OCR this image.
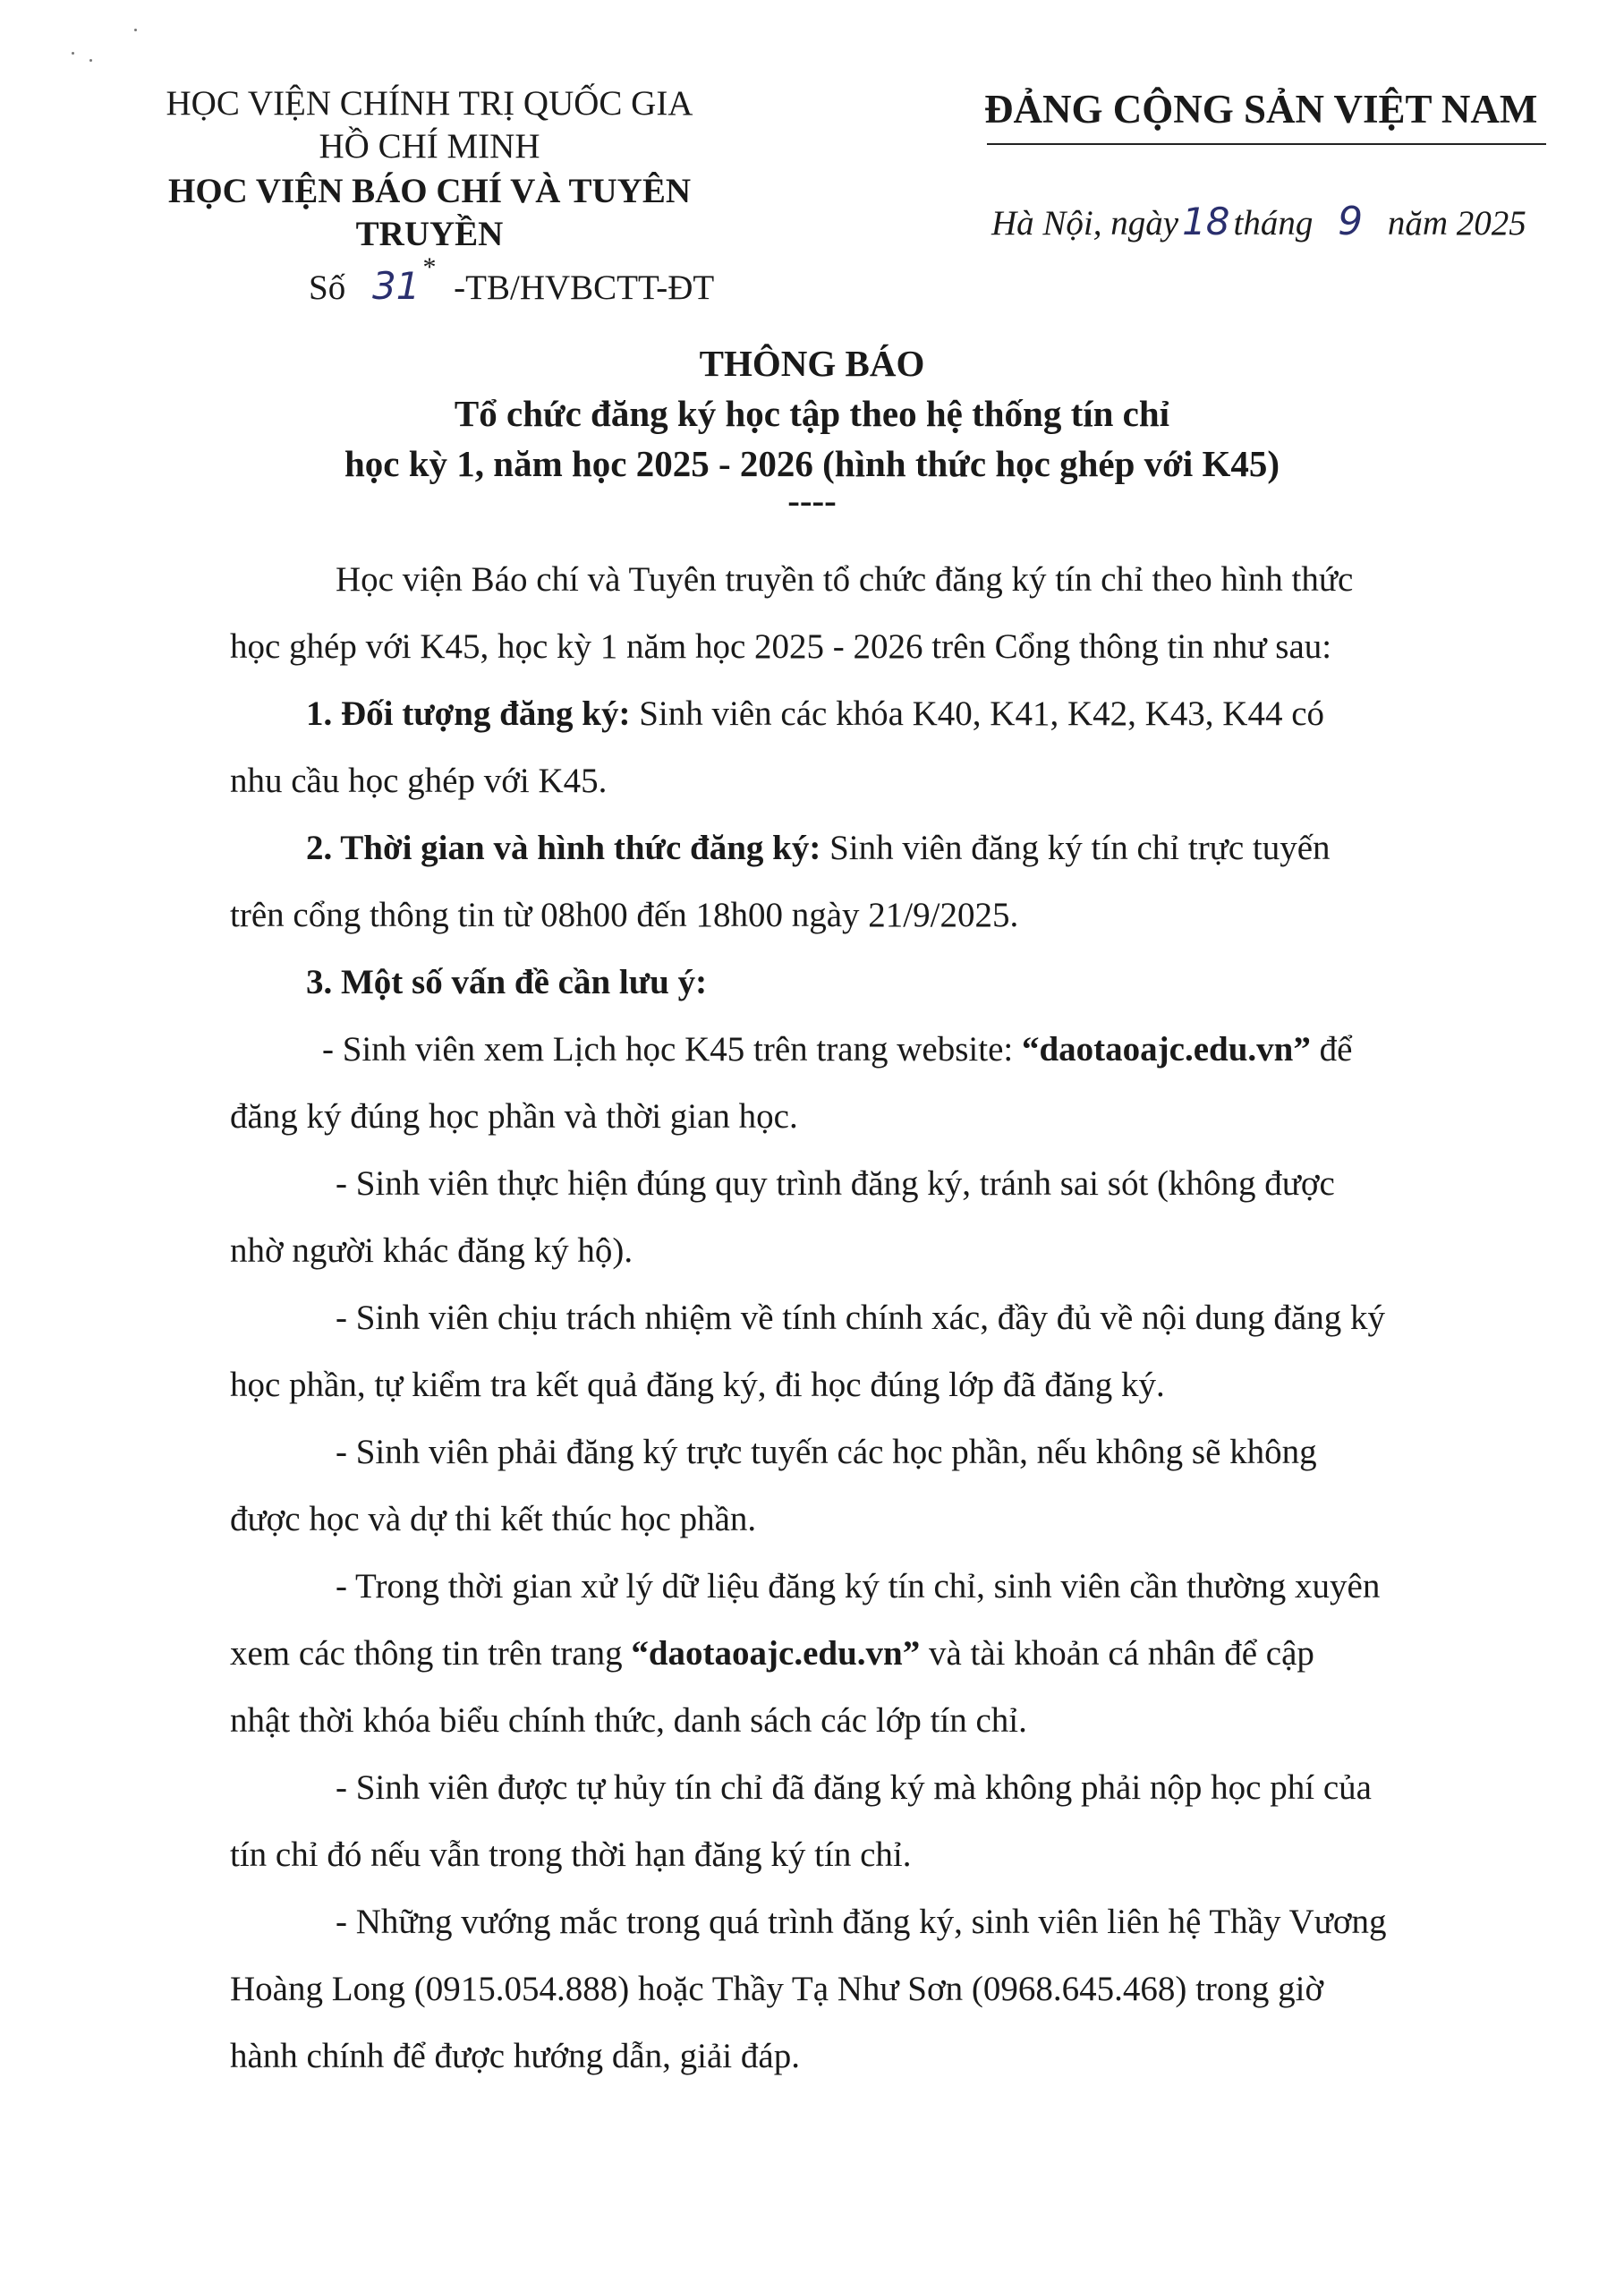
HỌC VIỆN CHÍNH TRỊ QUỐC GIA
HỒ CHÍ MINH
HỌC VIỆN BÁO CHÍ VÀ TUYÊN TRUYỀN
*
Số 31 -TB/HVBCTT-ĐT
ĐẢNG CỘNG SẢN VIỆT NAM
Hà Nội, ngày18 tháng 9 năm 2025
THÔNG BÁO
Tổ chức đăng ký học tập theo hệ thống tín chỉ
học kỳ 1, năm học 2025 - 2026 (hình thức học ghép với K45)
----
Học viện Báo chí và Tuyên truyền tổ chức đăng ký tín chỉ theo hình thức
học ghép với K45, học kỳ 1 năm học 2025 - 2026 trên Cổng thông tin như sau:
1. Đối tượng đăng ký: Sinh viên các khóa K40, K41, K42, K43, K44 có
nhu cầu học ghép với K45.
2. Thời gian và hình thức đăng ký: Sinh viên đăng ký tín chỉ trực tuyến
trên cổng thông tin từ 08h00 đến 18h00 ngày 21/9/2025.
3. Một số vấn đề cần lưu ý:
- Sinh viên xem Lịch học K45 trên trang website: “daotaoajc.edu.vn” để
đăng ký đúng học phần và thời gian học.
- Sinh viên thực hiện đúng quy trình đăng ký, tránh sai sót (không được
nhờ người khác đăng ký hộ).
- Sinh viên chịu trách nhiệm về tính chính xác, đầy đủ về nội dung đăng ký
học phần, tự kiểm tra kết quả đăng ký, đi học đúng lớp đã đăng ký.
- Sinh viên phải đăng ký trực tuyến các học phần, nếu không sẽ không
được học và dự thi kết thúc học phần.
- Trong thời gian xử lý dữ liệu đăng ký tín chỉ, sinh viên cần thường xuyên
xem các thông tin trên trang “daotaoajc.edu.vn” và tài khoản cá nhân để cập
nhật thời khóa biểu chính thức, danh sách các lớp tín chỉ.
- Sinh viên được tự hủy tín chỉ đã đăng ký mà không phải nộp học phí của
tín chỉ đó nếu vẫn trong thời hạn đăng ký tín chỉ.
- Những vướng mắc trong quá trình đăng ký, sinh viên liên hệ Thầy Vương
Hoàng Long (0915.054.888) hoặc Thầy Tạ Như Sơn (0968.645.468) trong giờ
hành chính để được hướng dẫn, giải đáp.
